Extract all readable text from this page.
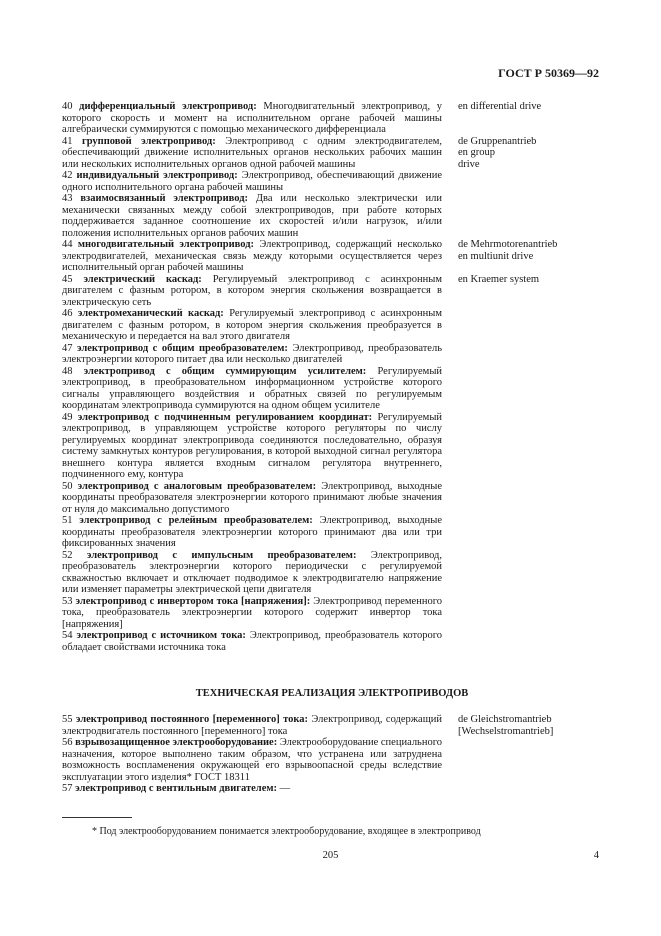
ГОСТ Р 50369—92
40 дифференциальный электропривод: Многодвигательный электропривод, у которого скорость и момент на исполнительном органе рабочей машины алгебраически суммируются с помощью механического дифференциала
en differential drive
41 групповой электропривод: Электропривод с одним электродвигателем, обеспечивающий движение исполнительных органов нескольких рабочих машин или нескольких исполнительных органов одной рабочей машины
de Gruppenantrieb
en group
drive
42 индивидуальный электропривод: Электропривод, обеспечивающий движение одного исполнительного органа рабочей машины
43 взаимосвязанный электропривод: Два или несколько электрически или механически связанных между собой электроприводов, при работе которых поддерживается заданное соотношение их скоростей и/или нагрузок, и/или положения исполнительных органов рабочих машин
44 многодвигательный электропривод: Электропривод, содержащий несколько электродвигателей, механическая связь между которыми осуществляется через исполнительный орган рабочей машины
de Mehrmotorenantrieb
en multiunit drive
45 электрический каскад: Регулируемый электропривод с асинхронным двигателем с фазным ротором, в котором энергия скольжения возвращается в электрическую сеть
en Kraemer system
46 электромеханический каскад: Регулируемый электропривод с асинхронным двигателем с фазным ротором, в котором энергия скольжения преобразуется в механическую и передается на вал этого двигателя
47 электропривод с общим преобразователем: Электропривод, преобразователь электроэнергии которого питает два или несколько двигателей
48 электропривод с общим суммирующим усилителем: Регулируемый электропривод, в преобразовательном информационном устройстве которого сигналы управляющего воздействия и обратных связей по регулируемым координатам электропривода суммируются на одном общем усилителе
49 электропривод с подчиненным регулированием координат: Регулируемый электропривод, в управляющем устройстве которого регуляторы по числу регулируемых координат электропривода соединяются последовательно, образуя систему замкнутых контуров регулирования, в которой выходной сигнал регулятора внешнего контура является входным сигналом регулятора внутреннего, подчиненного ему, контура
50 электропривод с аналоговым преобразователем: Электропривод, выходные координаты преобразователя электроэнергии которого принимают любые значения от нуля до максимально допустимого
51 электропривод с релейным преобразователем: Электропривод, выходные координаты преобразователя электроэнергии которого принимают два или три фиксированных значения
52 электропривод с импульсным преобразователем: Электропривод, преобразователь электроэнергии которого периодически с регулируемой скважностью включает и отключает подводимое к электродвигателю напряжение или изменяет параметры электрической цепи двигателя
53 электропривод с инвертором тока [напряжения]: Электропривод переменного тока, преобразователь электроэнергии которого содержит инвертор тока [напряжения]
54 электропривод с источником тока: Электропривод, преобразователь которого обладает свойствами источника тока
ТЕХНИЧЕСКАЯ РЕАЛИЗАЦИЯ ЭЛЕКТРОПРИВОДОВ
55 электропривод постоянного [переменного] тока: Электропривод, содержащий электродвигатель постоянного [переменного] тока
de Gleichstromantrieb
[Wechselstromantrieb]
56 взрывозащищенное электрооборудование: Электрооборудование специального назначения, которое выполнено таким образом, что устранена или затруднена возможность воспламенения окружающей его взрывоопасной среды вследствие эксплуатации этого изделия* ГОСТ 18311
57 электропривод с вентильным двигателем: —
* Под электрооборудованием понимается электрооборудование, входящее в электропривод
205	4
